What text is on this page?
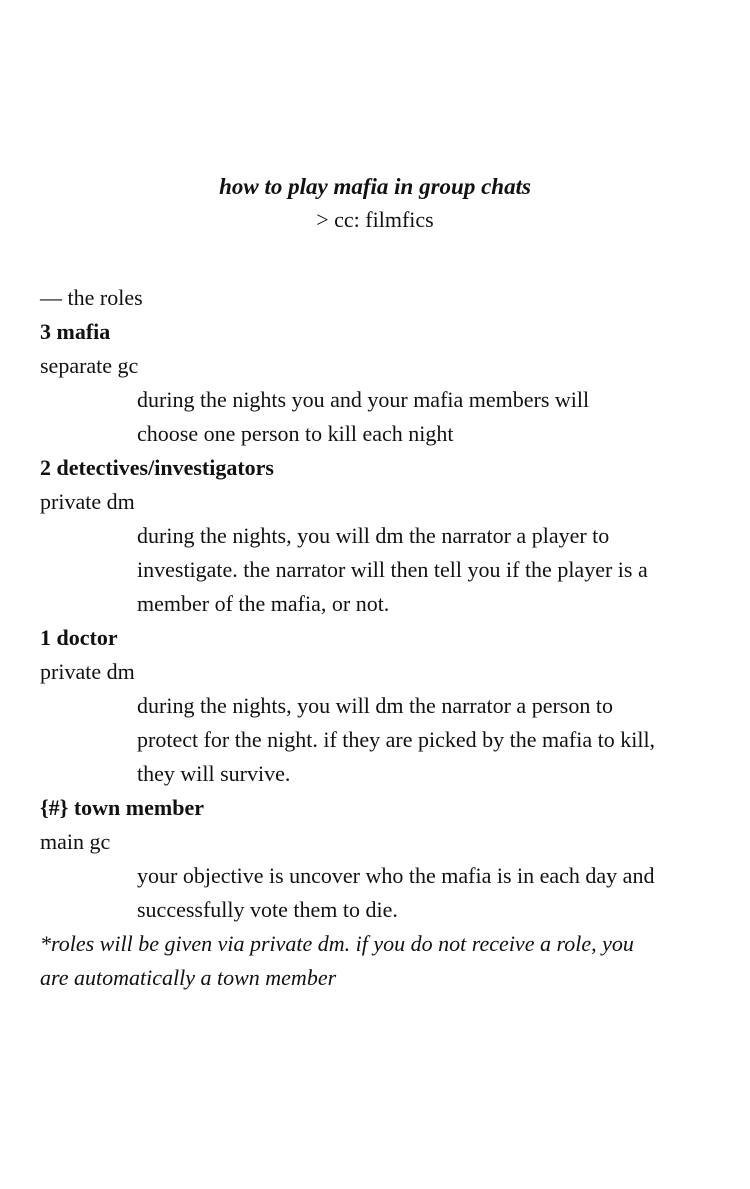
how to play mafia in group chats
> cc: filmfics
— the roles
3 mafia
separate gc
during the nights you and your mafia members will
choose one person to kill each night
2 detectives/investigators
private dm
during the nights, you will dm the narrator a player to
investigate. the narrator will then tell you if the player is a
member of the mafia, or not.
1 doctor
private dm
during the nights, you will dm the narrator a person to
protect for the night. if they are picked by the mafia to kill,
they will survive.
{#} town member
main gc
your objective is uncover who the mafia is in each day and
successfully vote them to die.
*roles will be given via private dm. if you do not receive a role, you
are automatically a town member
